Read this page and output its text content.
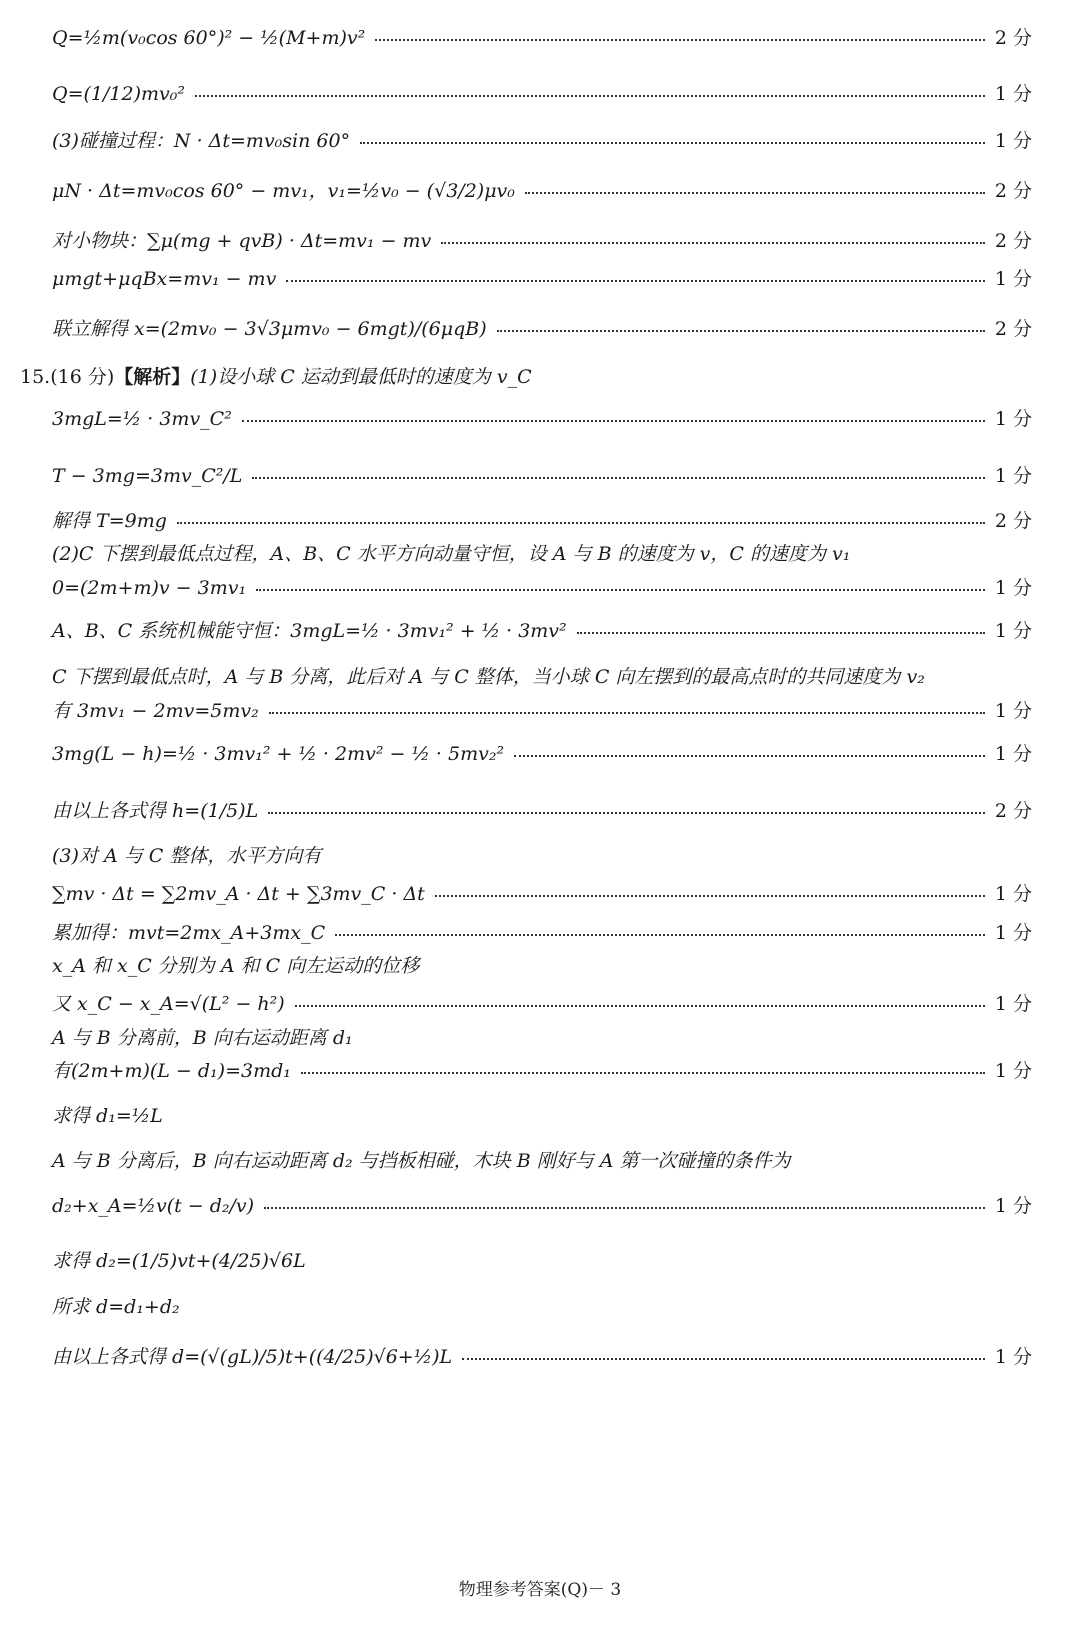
Q=½m(v₀cos 60°)² − ½(M+m)v²	2 分
Q=(1/12)mv₀²	1 分
(3)碰撞过程：N · Δt=mv₀sin 60°	1 分
μN · Δt=mv₀cos 60° − mv₁，v₁=½v₀ − (√3/2)μv₀	2 分
对小物块：∑μ(mg + qvB) · Δt=mv₁ − mv	2 分
μmgt+μqBx=mv₁ − mv	1 分
联立解得 x=(2mv₀ − 3√3μmv₀ − 6mgt)/(6μqB)	2 分
15.(16 分) 【解析】 (1)设小球 C 运动到最低时的速度为 v_C
3mgL=½ · 3mv_C²	1 分
T − 3mg=3mv_C²/L	1 分
解得 T=9mg	2 分
(2)C 下摆到最低点过程，A、B、C 水平方向动量守恒，设 A 与 B 的速度为 v，C 的速度为 v₁
0=(2m+m)v − 3mv₁	1 分
A、B、C 系统机械能守恒：3mgL=½ · 3mv₁² + ½ · 3mv²	1 分
C 下摆到最低点时，A 与 B 分离，此后对 A 与 C 整体，当小球 C 向左摆到的最高点时的共同速度为 v₂
有 3mv₁ − 2mv=5mv₂	1 分
3mg(L − h)=½ · 3mv₁² + ½ · 2mv² − ½ · 5mv₂²	1 分
由以上各式得 h=(1/5)L	2 分
(3)对 A 与 C 整体，水平方向有
∑mv · Δt = ∑2mv_A · Δt + ∑3mv_C · Δt	1 分
累加得：mvt=2mx_A+3mx_C	1 分
x_A 和 x_C 分别为 A 和 C 向左运动的位移
又 x_C − x_A=√(L² − h²)	1 分
A 与 B 分离前，B 向右运动距离 d₁
有(2m+m)(L − d₁)=3md₁	1 分
求得 d₁=½L
A 与 B 分离后，B 向右运动距离 d₂ 与挡板相碰，木块 B 刚好与 A 第一次碰撞的条件为
d₂+x_A=½v(t − d₂/v)	1 分
求得 d₂=(1/5)vt+(4/25)√6L
所求 d=d₁+d₂
由以上各式得 d=(√(gL)/5)t+((4/25)√6+½)L	1 分
物理参考答案(Q)－ 3
